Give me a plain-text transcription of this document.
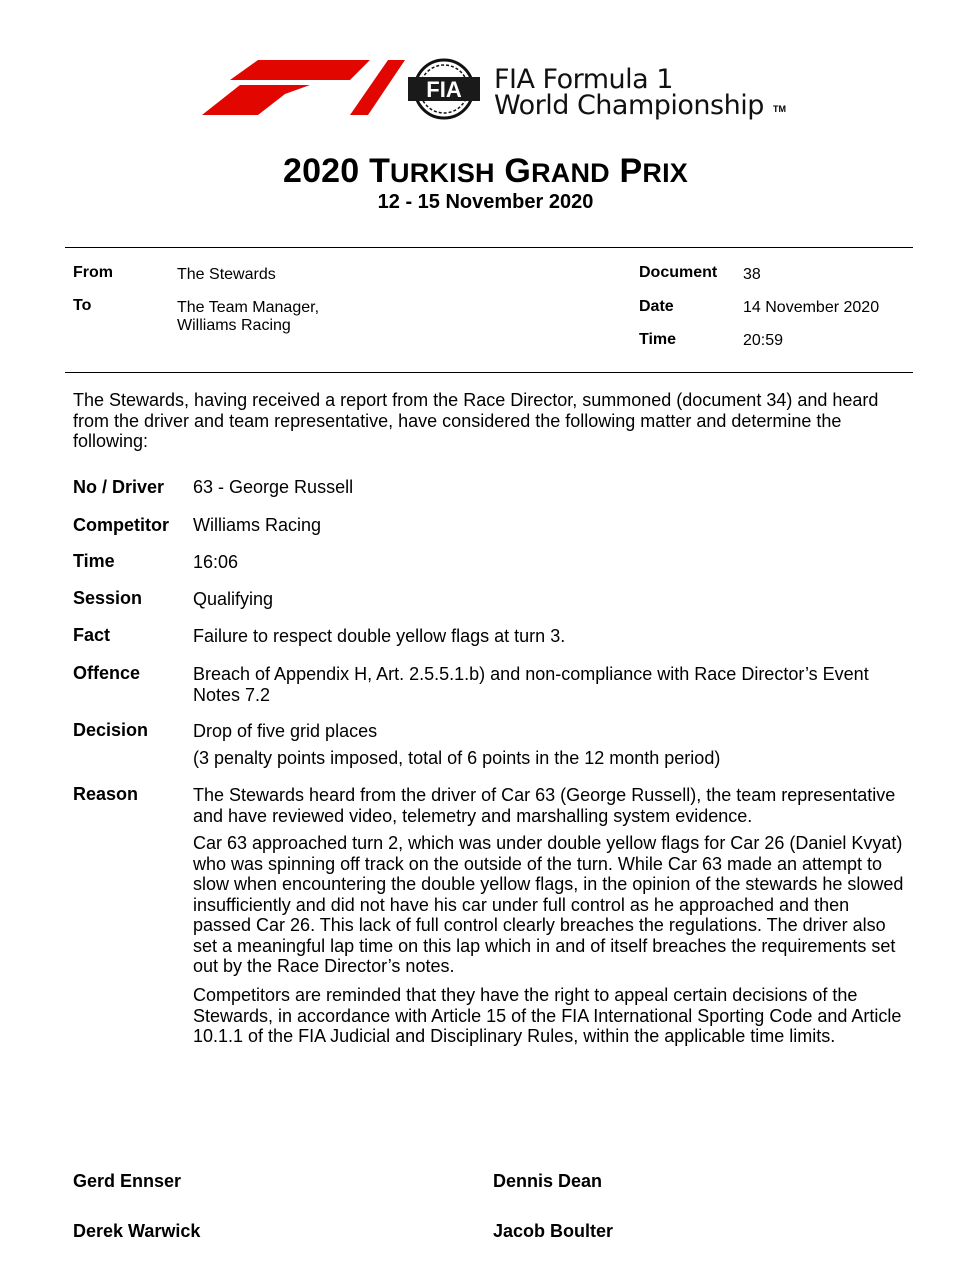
FIA FIA Formula 1
World Championship TM
2020 TURKISH GRAND PRIX
12 - 15 November 2020
From	The Stewards
To	The Team Manager,
Williams Racing
Document 38
Date	14 November 2020
Time	20:59
The Stewards, having received a report from the Race Director, summoned (document 34) and heard from the driver and team representative, have considered the following matter and determine the following:
No / Driver 63 - George Russell
Competitor Williams Racing
Time	16:06
Session	Qualifying
Fact	Failure to respect double yellow flags at turn 3.
Offence	Breach of Appendix H, Art. 2.5.5.1.b) and non-compliance with Race Director’s Event Notes 7.2
Decision Drop of five grid places
(3 penalty points imposed, total of 6 points in the 12 month period)
Reason	The Stewards heard from the driver of Car 63 (George Russell), the team representative and have reviewed video, telemetry and marshalling system evidence.
Car 63 approached turn 2, which was under double yellow flags for Car 26 (Daniel Kvyat) who was spinning off track on the outside of the turn. While Car 63 made an attempt to slow when encountering the double yellow flags, in the opinion of the stewards he slowed insufficiently and did not have his car under full control as he approached and then passed Car 26. This lack of full control clearly breaches the regulations. The driver also set a meaningful lap time on this lap which in and of itself breaches the requirements set out by the Race Director’s notes.
Competitors are reminded that they have the right to appeal certain decisions of the Stewards, in accordance with Article 15 of the FIA International Sporting Code and Article 10.1.1 of the FIA Judicial and Disciplinary Rules, within the applicable time limits.
Gerd Ennser	Dennis Dean
Derek Warwick	Jacob Boulter
